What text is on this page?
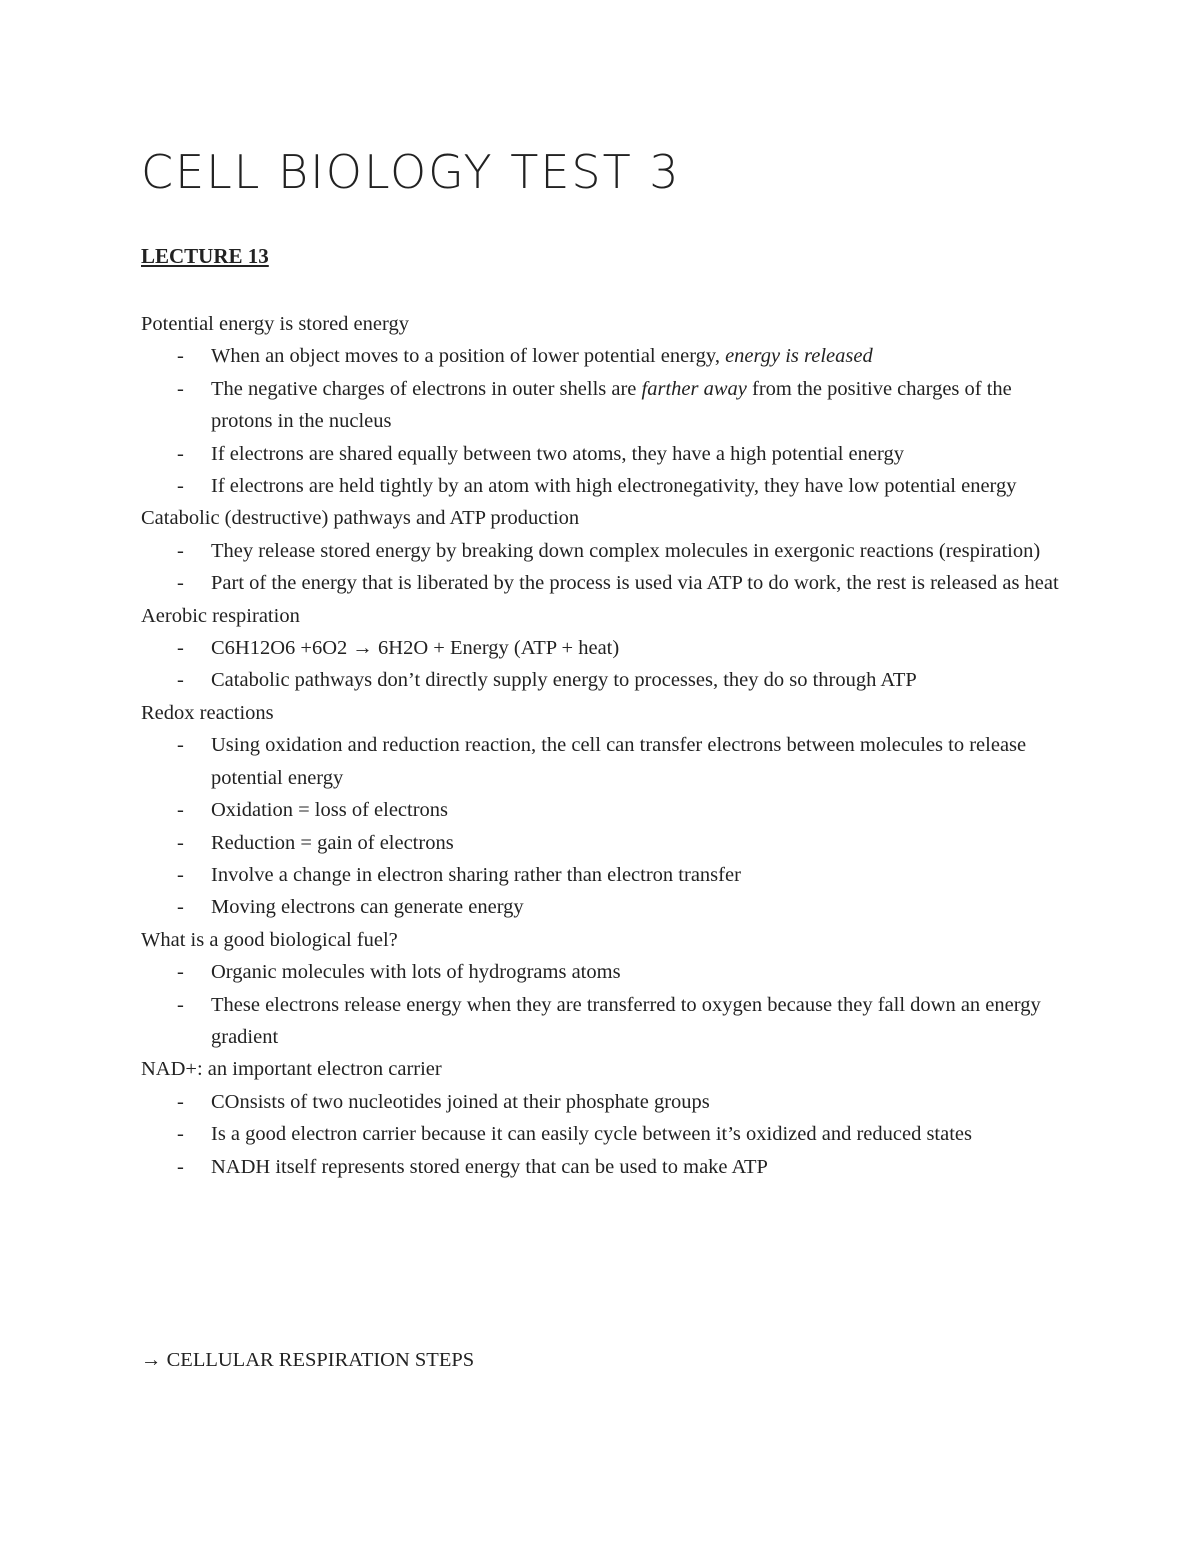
CELL BIOLOGY TEST 3
LECTURE 13

Potential energy is stored energy

- When an object moves to a position of lower potential energy, energy is released
- The negative charges of electrons in outer shells are farther away from the positive charges of the protons in the nucleus
- If electrons are shared equally between two atoms, they have a high potential energy
- If electrons are held tightly by an atom with high electronegativity, they have low potential energy

Catabolic (destructive) pathways and ATP production

- They release stored energy by breaking down complex molecules in exergonic reactions (respiration)
- Part of the energy that is liberated by the process is used via ATP to do work, the rest is released as heat

Aerobic respiration

- C6H12O6 +6O2 → 6H2O + Energy (ATP + heat)
- Catabolic pathways don’t directly supply energy to processes, they do so through ATP

Redox reactions

- Using oxidation and reduction reaction, the cell can transfer electrons between molecules to release potential energy
- Oxidation = loss of electrons
- Reduction = gain of electrons
- Involve a change in electron sharing rather than electron transfer
- Moving electrons can generate energy

What is a good biological fuel?

- Organic molecules with lots of hydrograms atoms
- These electrons release energy when they are transferred to oxygen because they fall down an energy gradient

NAD+: an important electron carrier

- COnsists of two nucleotides joined at their phosphate groups
- Is a good electron carrier because it can easily cycle between it’s oxidized and reduced states
- NADH itself represents stored energy that can be used to make ATP
→ CELLULAR RESPIRATION STEPS
